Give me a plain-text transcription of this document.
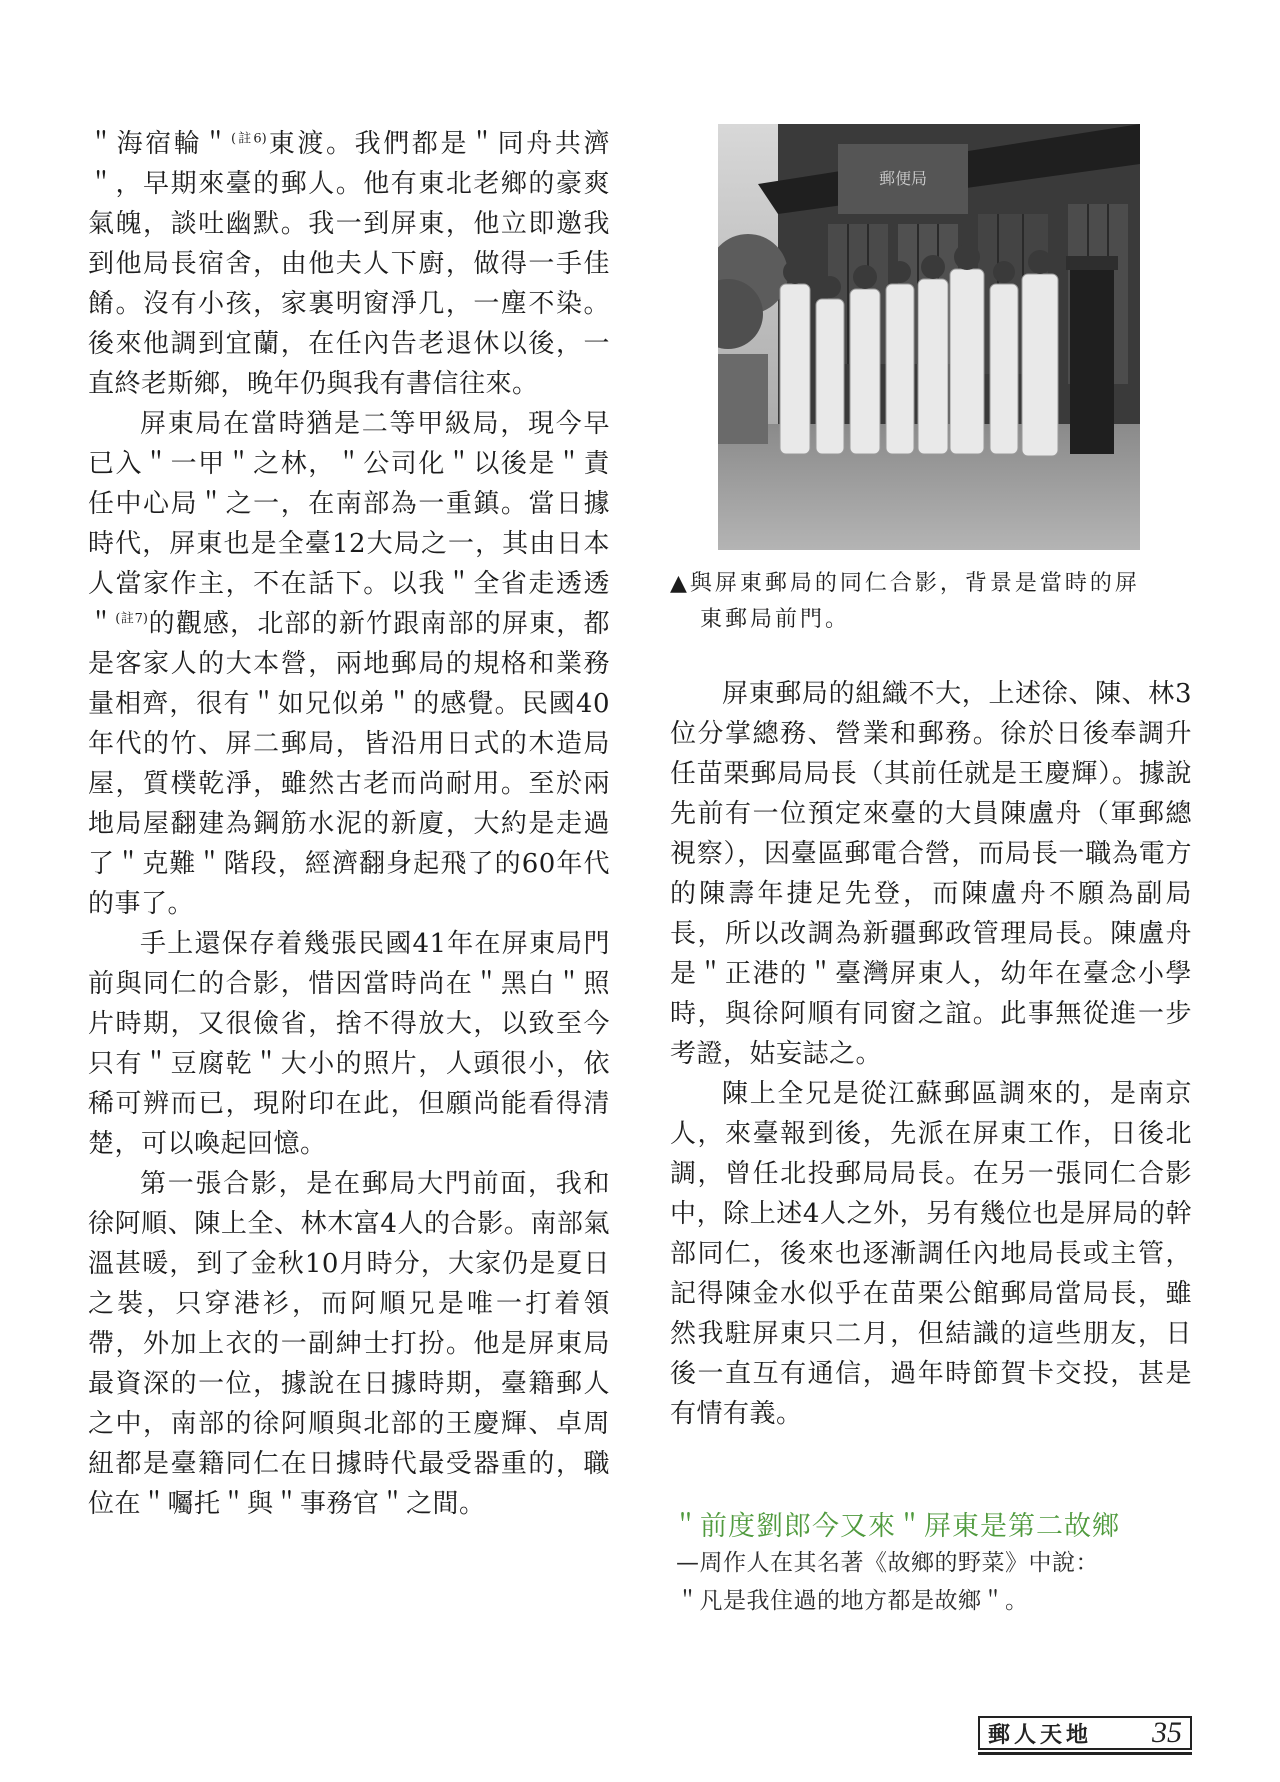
＂海宿輪＂$^{(註6)}$東渡。我們都是＂同舟共濟＂，早期來臺的郵人。他有東北老鄉的豪爽氣魄，談吐幽默。我一到屏東，他立即邀我到他局長宿舍，由他夫人下廚，做得一手佳餚。沒有小孩，家裏明窗淨几，一塵不染。後來他調到宜蘭，在任內告老退休以後，一直終老斯鄉，晚年仍與我有書信往來。

屏東局在當時猶是二等甲級局，現今早已入＂一甲＂之林，＂公司化＂以後是＂責任中心局＂之一，在南部為一重鎮。當日據時代，屏東也是全臺12大局之一，其由日本人當家作主，不在話下。以我＂全省走透透＂$^{(註7)}$的觀感，北部的新竹跟南部的屏東，都是客家人的大本營，兩地郵局的規格和業務量相齊，很有＂如兄似弟＂的感覺。民國40年代的竹、屏二郵局，皆沿用日式的木造局屋，質樸乾淨，雖然古老而尚耐用。至於兩地局屋翻建為鋼筋水泥的新廈，大約是走過了＂克難＂階段，經濟翻身起飛了的60年代的事了。

手上還保存着幾張民國41年在屏東局門前與同仁的合影，惜因當時尚在＂黑白＂照片時期，又很儉省，捨不得放大，以致至今只有＂豆腐乾＂大小的照片，人頭很小，依稀可辨而已，現附印在此，但願尚能看得清楚，可以喚起回憶。

第一張合影，是在郵局大門前面，我和徐阿順、陳上全、林木富4人的合影。南部氣溫甚暖，到了金秋10月時分，大家仍是夏日之裝，只穿港衫，而阿順兄是唯一打着領帶，外加上衣的一副紳士打扮。他是屏東局最資深的一位，據說在日據時期，臺籍郵人之中，南部的徐阿順與北部的王慶輝、卓周紐都是臺籍同仁在日據時代最受器重的，職位在＂囑托＂與＂事務官＂之間。

郵便局
▲與屏東郵局的同仁合影，背景是當時的屏
東郵局前門。

屏東郵局的組織不大，上述徐、陳、林3位分掌總務、營業和郵務。徐於日後奉調升任苗栗郵局局長（其前任就是王慶輝）。據說先前有一位預定來臺的大員陳盧舟（軍郵總視察），因臺區郵電合營，而局長一職為電方的陳壽年捷足先登，而陳盧舟不願為副局長，所以改調為新疆郵政管理局長。陳盧舟是＂正港的＂臺灣屏東人，幼年在臺念小學時，與徐阿順有同窗之誼。此事無從進一步考證，姑妄誌之。

陳上全兄是從江蘇郵區調來的，是南京人，來臺報到後，先派在屏東工作，日後北調，曾任北投郵局局長。在另一張同仁合影中，除上述4人之外，另有幾位也是屏局的幹部同仁，後來也逐漸調任內地局長或主管，記得陳金水似乎在苗栗公館郵局當局長，雖然我駐屏東只二月，但結識的這些朋友，日後一直互有通信，過年時節賀卡交投，甚是有情有義。

＂前度劉郎今又來＂屏東是第二故鄉
—周作人在其名著《故鄉的野菜》中說：
＂凡是我住過的地方都是故鄉＂。
郵人天地 35
